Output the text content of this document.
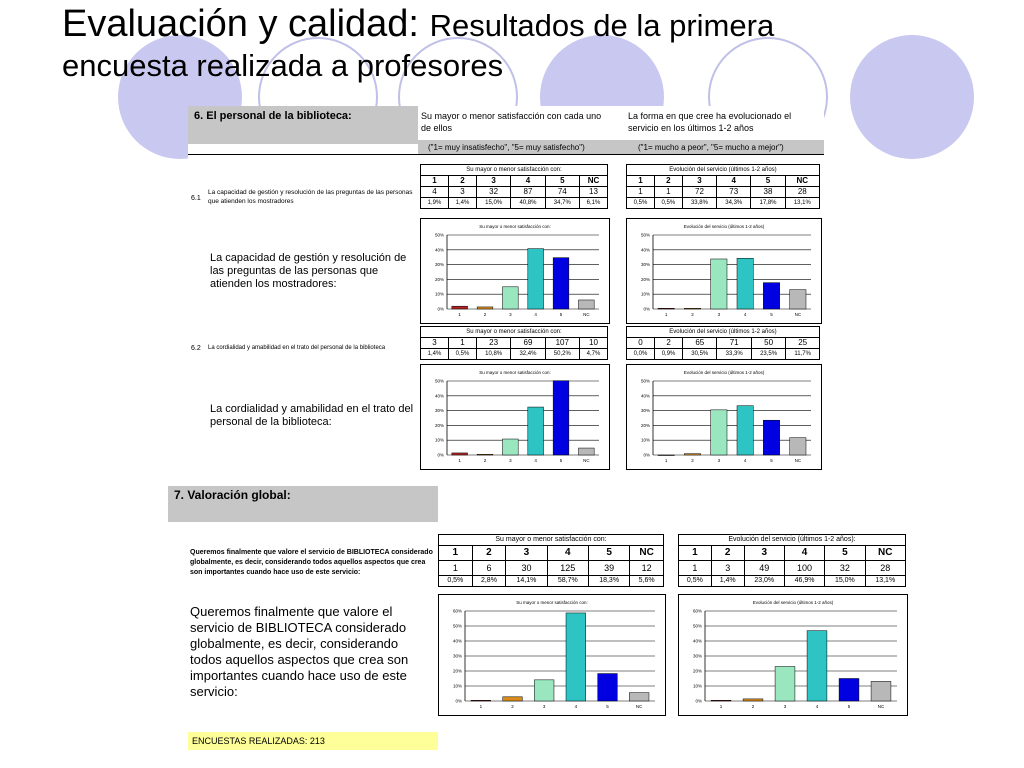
Evaluación y calidad: Resultados de la primera
encuesta realizada a profesores
6. El personal de la biblioteca:	Su mayor o menor satisfacción con cada uno de ellos
La forma en que cree ha evolucionado el servicio en los últimos 1-2 años
("1= muy insatisfecho", "5= muy satisfecho")	("1= mucho a peor", "5= mucho a mejor")
6.1
La capacidad de gestión y resolución de las preguntas de las personas que atienden los mostradores
Su mayor o menor satisfacción con:					
1	2	3	4	5	NC
4	3	32	87	74	13
1,9%	1,4%	15,0%	40,8%	34,7%	6,1%
Evolución del servicio (últimos 1-2 años)					
1	2	3	4	5	NC
1	1	72	73	38	28
0,5%	0,5%	33,8%	34,3%	17,8%	13,1%
La capacidad de gestión y resolución de las preguntas de las personas que atienden los mostradores:
Su mayor o menor satisfacción con:
0%
10%
20%
30%
40%
50%
1	2	3	4	5	NC
Evolución del servicio (últimos 1-2 años)
0%
10%
20%
30%
40%
50%
1	2	3	4	5	NC
6.2 La cordialidad y amabilidad en el trato del personal de la biblioteca
Su mayor o menor satisfacción con:					
3	1	23	69	107	10
1,4%	0,5%	10,8%	32,4%	50,2%	4,7%
Evolución del servicio (últimos 1-2 años)					
0	2	65	71	50	25
0,0%	0,9%	30,5%	33,3%	23,5%	11,7%
La cordialidad y amabilidad en el trato del personal de la biblioteca:
Su mayor o menor satisfacción con:
0%
10%
20%
30%
40%
50%
1	2	3	4	5	NC
Evolución del servicio (últimos 1-2 años)
0%
10%
20%
30%
40%
50%
1	2	3	4	5	NC
7. Valoración global:
Queremos finalmente que valore el servicio de BIBLIOTECA considerado globalmente, es decir, considerando todos aquellos aspectos que crea son importantes cuando hace uso de este servicio:
Su mayor o menor satisfacción con:					
1	2	3	4	5	NC
1	6	30	125	39	12
0,5%	2,8%	14,1%	58,7%	18,3%	5,6%
Evolución del servicio (últimos 1-2 años):					
1	2	3	4	5	NC
1	3	49	100	32	28
0,5%	1,4%	23,0%	46,9%	15,0%	13,1%
Queremos finalmente que valore el servicio de BIBLIOTECA considerado globalmente, es decir, considerando todos aquellos aspectos que crea son importantes cuando hace uso de este servicio:
Su mayor o menor satisfacción con:
0%
10%
20%
30%
40%
50%
60%
1	2	3	4	5	NC
Evolución del servicio (últimos 1-2 años)
0%
10%
20%
30%
40%
50%
60%
1	2	3	4	5	NC
ENCUESTAS REALIZADAS: 213
